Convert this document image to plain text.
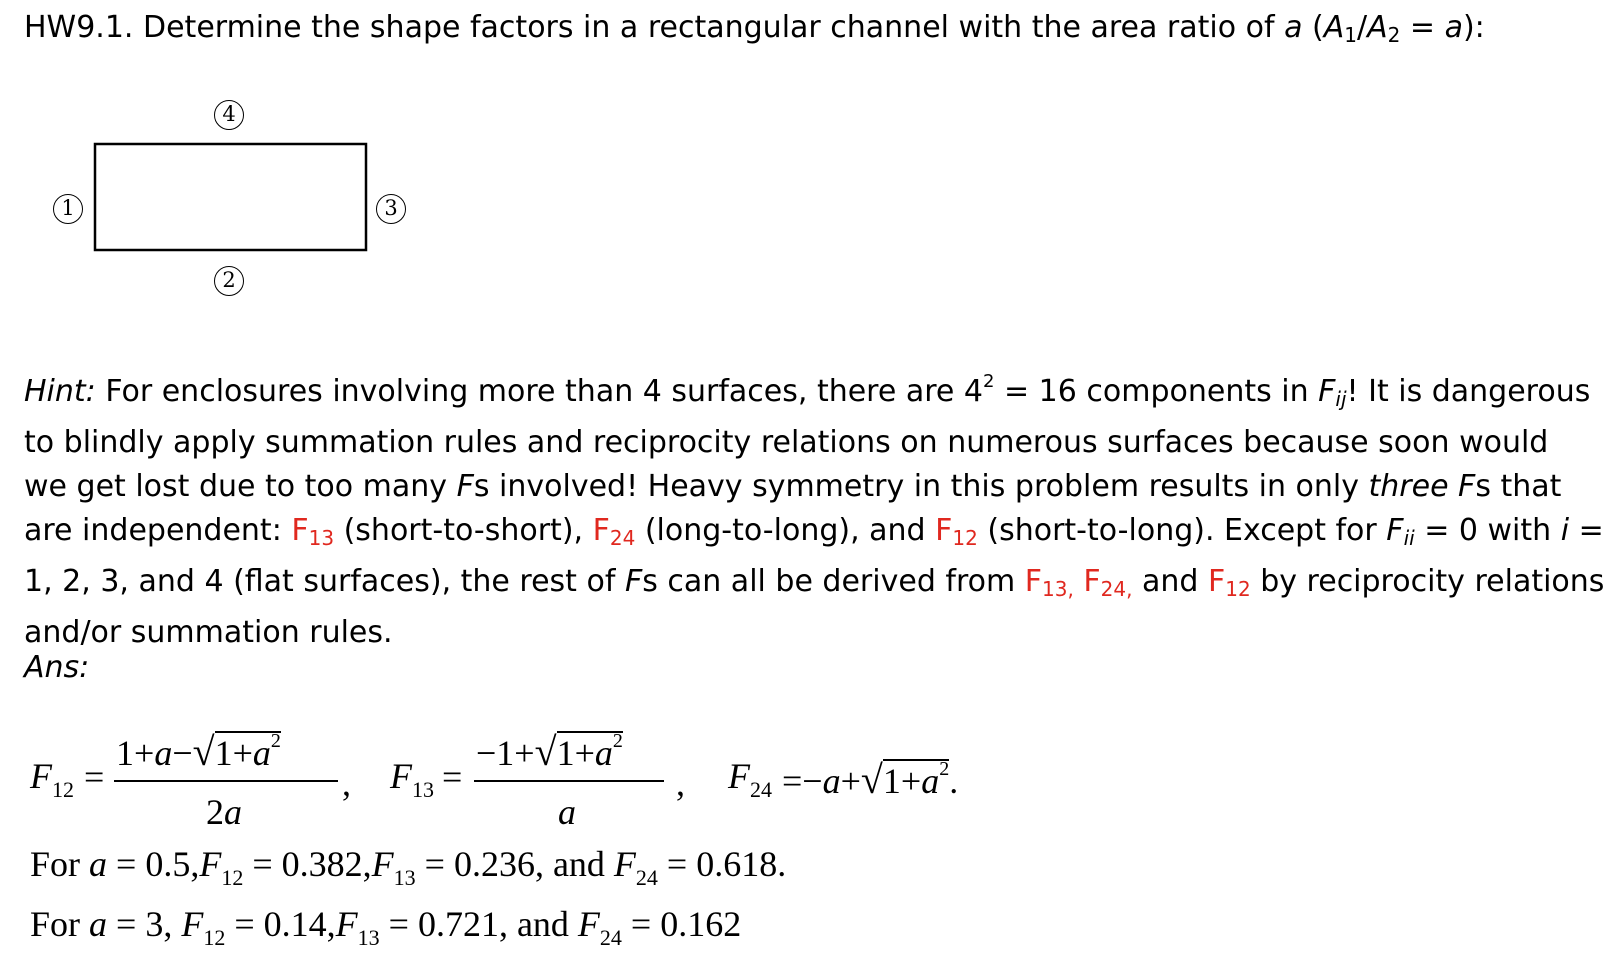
HW9.1. Determine the shape factors in a rectangular channel with the area ratio of a $(A_1/A_2 = a)$:
4
1	3
2

Hint: For enclosures involving more than 4 surfaces, there are $4^2 = 16$ components in $F_{ij}$! It is dangerous

to blindly apply summation rules and reciprocity relations on numerous surfaces because soon would

we get lost due to too many Fs involved! Heavy symmetry in this problem results in only three Fs that

are independent: $F_{13}$ (short-to-short), $F_{24}$ (long-to-long), and $F_{12}$ (short-to-long). Except for $F_{ii} = 0$ with i =

1, 2, 3, and 4 (flat surfaces), the rest of Fs can all be derived from $F_{13,}$ $F_{24,}$ and $F_{12}$ by reciprocity relations

and/or summation rules.

Ans:
F12 =
$1+a-√1+a^2$
2a
, F13 =
$-1+√1+a^2$
a
, $F24 =-a+√1+a^2$.
For $a = 0.5,F_{12} = 0.382,F_{13} = 0.236$, and $F_{24} = 0.618$.
For a = 3, $F_{12} = 0.14,F_{13} = 0.721$, and $F_{24} = 0.162$
